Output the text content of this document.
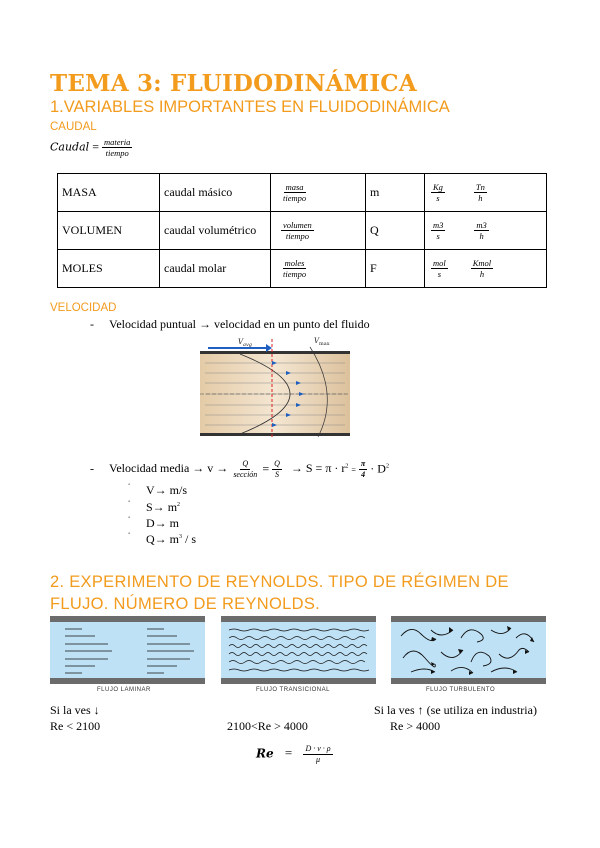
TEMA 3: FLUIDODINÁMICA
1.VARIABLES IMPORTANTES EN FLUIDODINÁMICA
CAUDAL
Caudal = $\frac{\text{materia}}{\text{tiempo}}$
MASA	caudal másico	$\frac{\text{masa}}{\text{tiempo}}$	m	$\frac{Kg}{s}$
$\frac{Tn}{h}$

VOLUMEN	caudal volumétrico	$\frac{\text{volumen}}{\text{tiempo}}$	Q	$\frac{m3}{s}$
$\frac{m3}{h}$

MOLES	caudal molar	$\frac{\text{moles}}{\text{tiempo}}$	F	$\frac{\text{mol}}{s}$
$\frac{\text{Kmol}}{h}$
VELOCIDAD
- Velocidad puntual → velocidad en un punto del fluido
V avg	V max
- Velocidad media → $v \to \frac{Q}{\text{sección}} = \frac{Q}{S} \to S = \pi \cdot r^2 = \frac{\pi}{4} \cdot D^2$
˚ V→ m/s
˚ $S\to m^2$
˚ D→ m
˚ $Q\to m^3 / s$
2. EXPERIMENTO DE REYNOLDS. TIPO DE RÉGIMEN DE
FLUJO. NÚMERO DE REYNOLDS.
FLUJO LAMINAR	FLUJO TRANSICIONAL	FLUJO TURBULENTO
Si la ves ↓	Si la ves ↑ (se utiliza en industria)
Re < 2100	2100<Re > 4000	Re > 4000
$Re = \frac{D \cdot v \cdot \rho}{\mu}$
